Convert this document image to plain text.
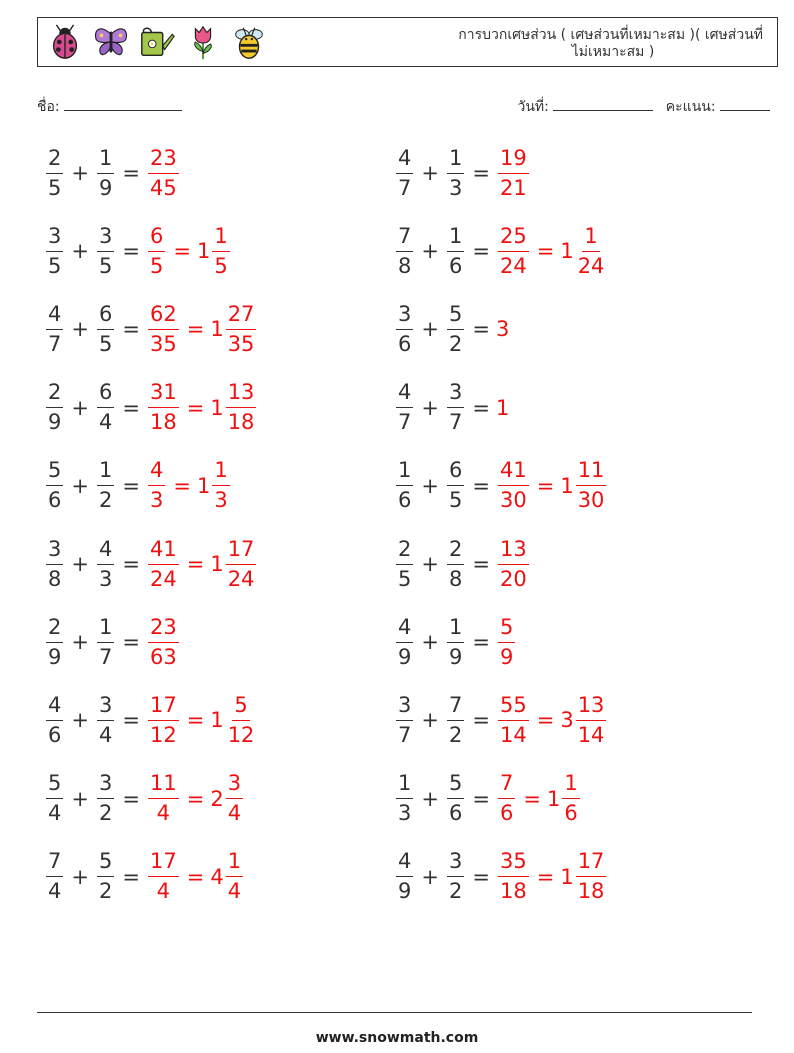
การบวกเศษส่วน ( เศษส่วนที่เหมาะสม )( เศษส่วนที่

ไม่เหมาะสม )
ชื่อ:	วันที่:	คะแนน:
$\frac{2}{5} + \frac{1}{9} = \frac{23}{45}$	$\frac{4}{7} + \frac{1}{3} = \frac{19}{21}$
$\frac{3}{5} + \frac{3}{5} = \frac{6}{5} = 1 \frac{1}{5}$	$\frac{7}{8} + \frac{1}{6} = \frac{25}{24} = 1 \frac{1}{24}$
$\frac{4}{7} + \frac{6}{5} = \frac{62}{35} = 1 \frac{27}{35}$	$\frac{3}{6} + \frac{5}{2} = 3$
$\frac{2}{9} + \frac{6}{4} = \frac{31}{18} = 1 \frac{13}{18}$	$\frac{4}{7} + \frac{3}{7} = 1$
$\frac{5}{6} + \frac{1}{2} = \frac{4}{3} = 1 \frac{1}{3}$	$\frac{1}{6} + \frac{6}{5} = \frac{41}{30} = 1 \frac{11}{30}$
$\frac{3}{8} + \frac{4}{3} = \frac{41}{24} = 1 \frac{17}{24}$	$\frac{2}{5} + \frac{2}{8} = \frac{13}{20}$
$\frac{2}{9} + \frac{1}{7} = \frac{23}{63}$	$\frac{4}{9} + \frac{1}{9} = \frac{5}{9}$
$\frac{4}{6} + \frac{3}{4} = \frac{17}{12} = 1 \frac{5}{12}$	$\frac{3}{7} + \frac{7}{2} = \frac{55}{14} = 3 \frac{13}{14}$
$\frac{5}{4} + \frac{3}{2} = \frac{11}{4} = 2 \frac{3}{4}$	$\frac{1}{3} + \frac{5}{6} = \frac{7}{6} = 1 \frac{1}{6}$
$\frac{7}{4} + \frac{5}{2} = \frac{17}{4} = 4 \frac{1}{4}$	$\frac{4}{9} + \frac{3}{2} = \frac{35}{18} = 1 \frac{17}{18}$
www.snowmath.com
